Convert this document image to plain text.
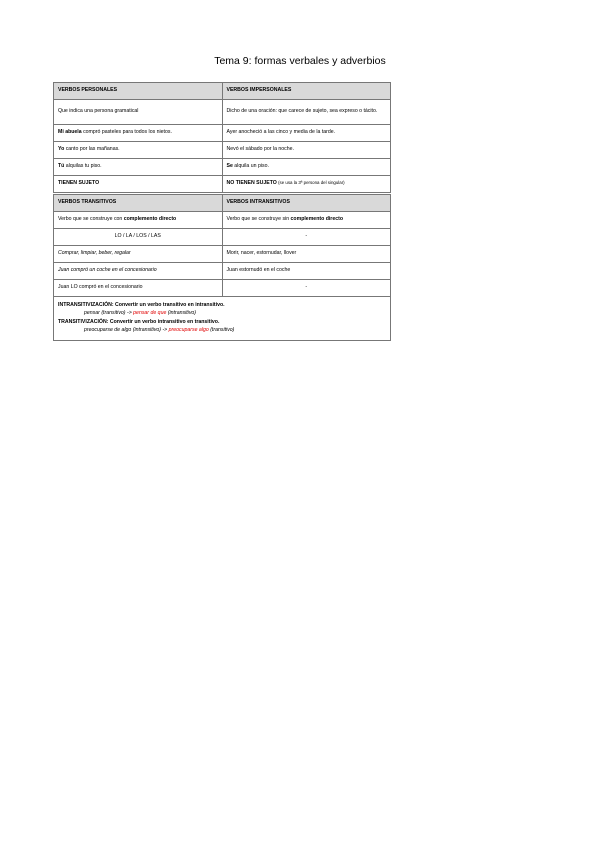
Tema 9: formas verbales y adverbios
VERBOS PERSONALES	VERBOS IMPERSONALES
Que indica una persona gramatical	Dicho de una oración: que carece de sujeto, sea expreso o tácito.
Mi abuela compró pasteles para todos los nietos.	Ayer anocheció a las cinco y media de la tarde.
Yo canto por las mañanas.	Nevó el sábado por la noche.
Tú alquilas tu piso.	Se alquila un piso.
TIENEN SUJETO	NO TIENEN SUJETO (se usa la 3ª persona del singular)
VERBOS TRANSITIVOS	VERBOS INTRANSITIVOS
Verbo que se construye con complemento directo	Verbo que se construye sin complemento directo
LO / LA / LOS / LAS	-
Comprar, limpiar, beber, regalar	Morir, nacer, estornudar, llover
Juan compró un coche en el concesionario	Juan estornudó en el coche
Juan LO compró en el concesionario	-

INTRANSITIVIZACIÓN: Convertir un verbo transitivo en intransitivo.
pensar (transitivo) -> pensar de que (intransitivo)
TRANSITIVIZACIÓN: Convertir un verbo intransitivo en transitivo.
preocuparse de algo (intransitivo) -> preocuparse algo (transitivo)	
